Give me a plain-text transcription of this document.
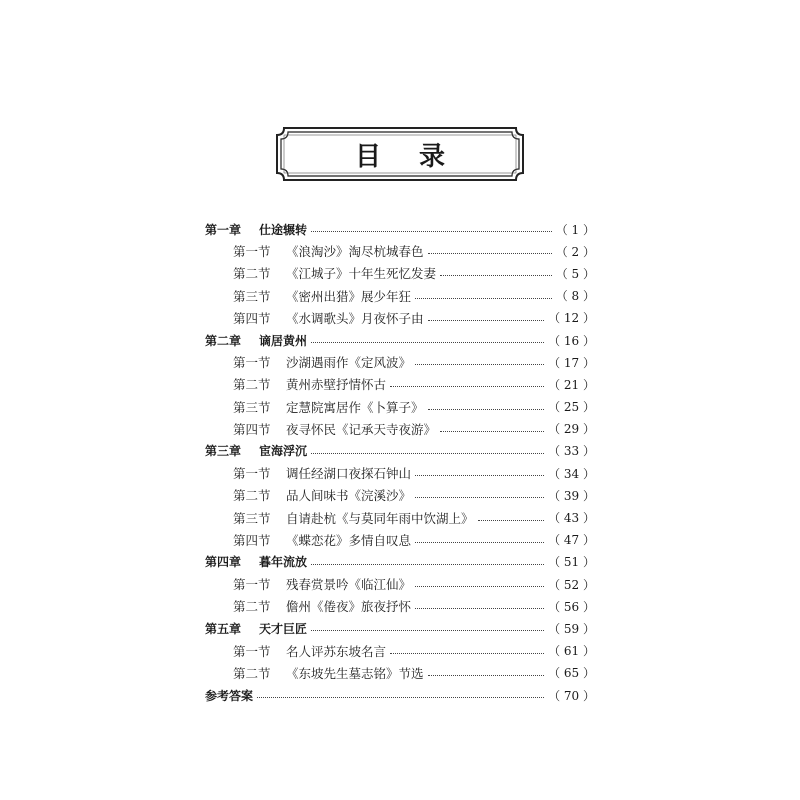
目 录
第一章	仕途辗转	（ 1 ）
第一节	《浪淘沙》淘尽杭城春色	（ 2 ）
第二节	《江城子》十年生死忆发妻	（ 5 ）
第三节	《密州出猎》展少年狂	（ 8 ）
第四节	《水调歌头》月夜怀子由	（ 12 ）
第二章	谪居黄州	（ 16 ）
第一节	沙湖遇雨作《定风波》	（ 17 ）
第二节	黄州赤壁抒情怀古	（ 21 ）
第三节	定慧院寓居作《卜算子》	（ 25 ）
第四节	夜寻怀民《记承天寺夜游》	（ 29 ）
第三章	宦海浮沉	（ 33 ）
第一节	调任经湖口夜探石钟山	（ 34 ）
第二节	品人间味书《浣溪沙》	（ 39 ）
第三节	自请赴杭《与莫同年雨中饮湖上》	（ 43 ）
第四节	《蝶恋花》多情自叹息	（ 47 ）
第四章	暮年流放	（ 51 ）
第一节	残春赏景吟《临江仙》	（ 52 ）
第二节	儋州《倦夜》旅夜抒怀	（ 56 ）
第五章	天才巨匠	（ 59 ）
第一节	名人评苏东坡名言	（ 61 ）
第二节	《东坡先生墓志铭》节选	（ 65 ）
参考答案	（ 70 ）
